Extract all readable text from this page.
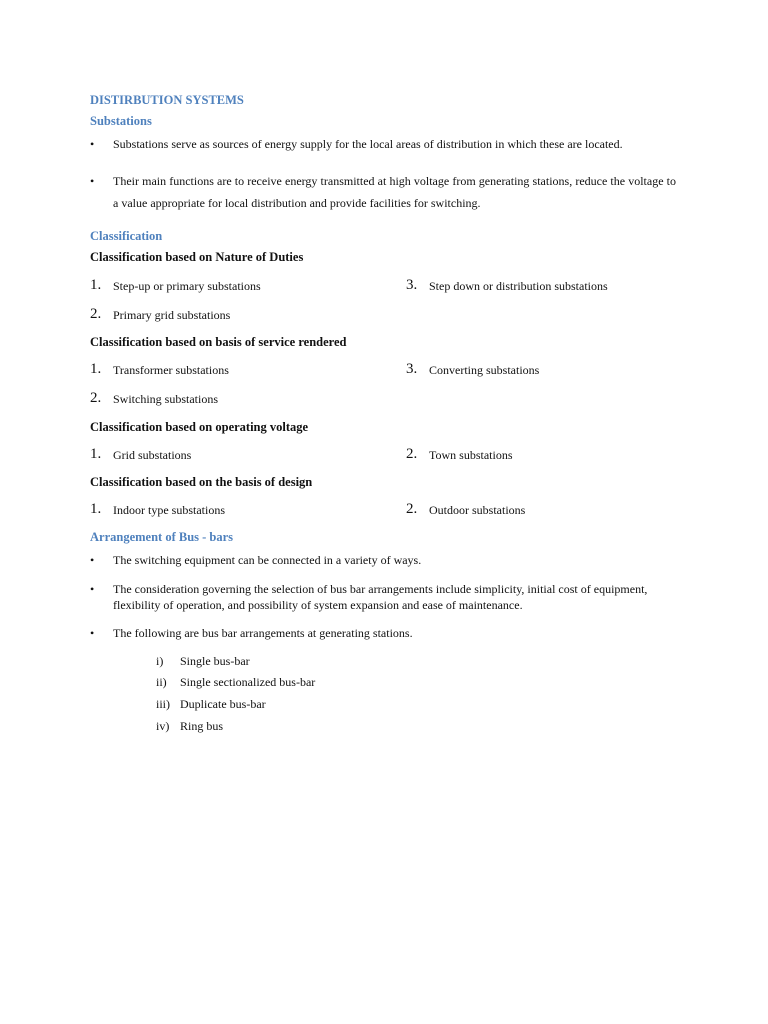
DISTIRBUTION SYSTEMS
Substations
• Substations serve as sources of energy supply for the local areas of distribution in which these are located.
• Their main functions are to receive energy transmitted at high voltage from generating stations, reduce the voltage to a value appropriate for local distribution and provide facilities for switching.
Classification
Classification based on Nature of Duties
1. Step-up or primary substations	3. Step down or distribution substations
2. Primary grid substations
Classification based on basis of service rendered
1. Transformer substations	3. Converting substations
2. Switching substations
Classification based on operating voltage
1. Grid substations	2. Town substations
Classification based on the basis of design
1. Indoor type substations	2. Outdoor substations
Arrangement of Bus - bars
• The switching equipment can be connected in a variety of ways.
• The consideration governing the selection of bus bar arrangements include simplicity, initial cost of equipment, flexibility of operation, and possibility of system expansion and ease of maintenance.
• The following are bus bar arrangements at generating stations.
i) Single bus-bar
ii) Single sectionalized bus-bar
iii) Duplicate bus-bar
iv) Ring bus
